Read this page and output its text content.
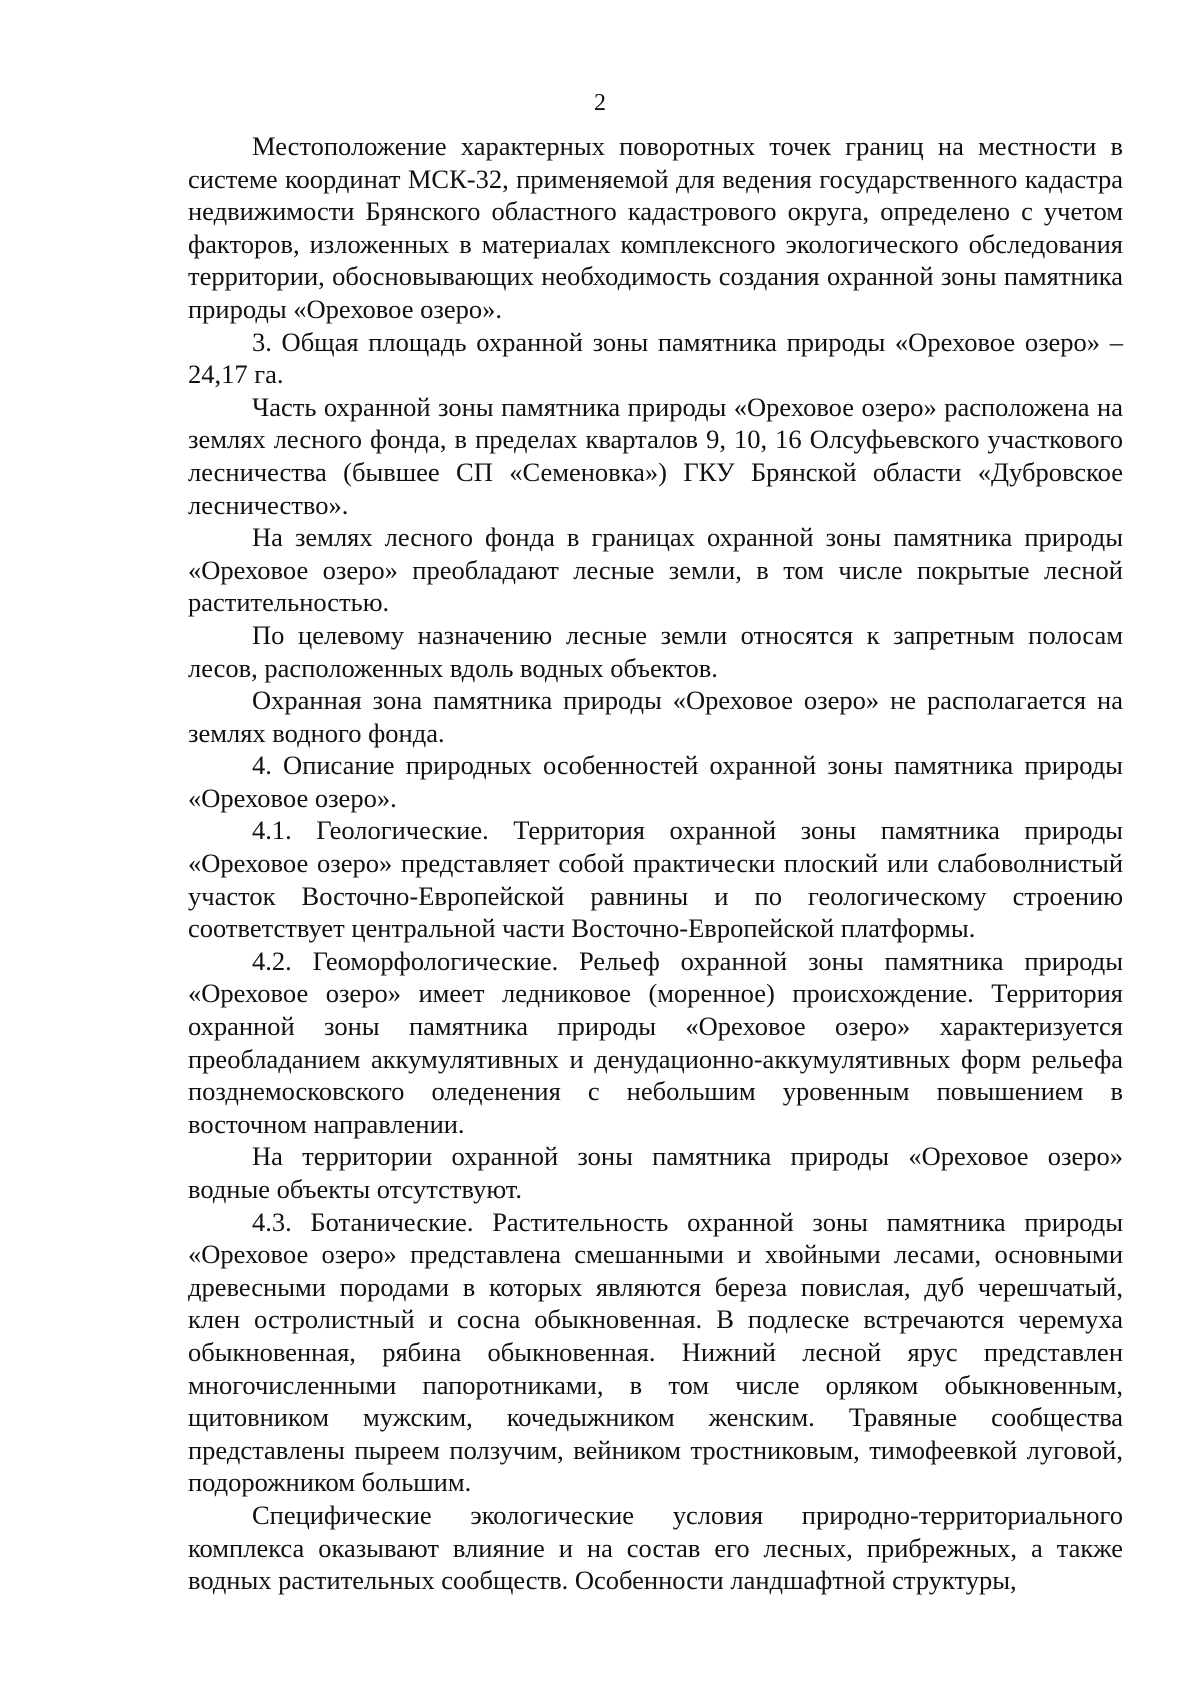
2

Местоположение характерных поворотных точек границ на местности в системе координат МСК-32, применяемой для ведения государственного кадастра недвижимости Брянского областного кадастрового округа, определено с учетом факторов, изложенных в материалах комплексного экологического обследования территории, обосновывающих необходимость создания охранной зоны памятника природы «Ореховое озеро».

3. Общая площадь охранной зоны памятника природы «Ореховое озеро» – 24,17 га.

Часть охранной зоны памятника природы «Ореховое озеро» расположена на землях лесного фонда, в пределах кварталов 9, 10, 16 Олсуфьевского участкового лесничества (бывшее СП «Семеновка») ГКУ Брянской области «Дубровское лесничество».

На землях лесного фонда в границах охранной зоны памятника природы «Ореховое озеро» преобладают лесные земли, в том числе покрытые лесной растительностью.

По целевому назначению лесные земли относятся к запретным полосам лесов, расположенных вдоль водных объектов.

Охранная зона памятника природы «Ореховое озеро» не располагается на землях водного фонда.

4. Описание природных особенностей охранной зоны памятника природы «Ореховое озеро».

4.1. Геологические. Территория охранной зоны памятника природы «Ореховое озеро» представляет собой практически плоский или слабоволнистый участок Восточно-Европейской равнины и по геологическому строению соответствует центральной части Восточно-Европейской платформы.

4.2. Геоморфологические. Рельеф охранной зоны памятника природы «Ореховое озеро» имеет ледниковое (моренное) происхождение. Территория охранной зоны памятника природы «Ореховое озеро» характеризуется преобладанием аккумулятивных и денудационно-аккумулятивных форм рельефа позднемосковского оледенения с небольшим уровенным повышением в восточном направлении.

На территории охранной зоны памятника природы «Ореховое озеро» водные объекты отсутствуют.

4.3. Ботанические. Растительность охранной зоны памятника природы «Ореховое озеро» представлена смешанными и хвойными лесами, основными древесными породами в которых являются береза повислая, дуб черешчатый, клен остролистный и сосна обыкновенная. В подлеске встречаются черемуха обыкновенная, рябина обыкновенная. Нижний лесной ярус представлен многочисленными папоротниками, в том числе орляком обыкновенным, щитовником мужским, кочедыжником женским. Травяные сообщества представлены пыреем ползучим, вейником тростниковым, тимофеевкой луговой, подорожником большим.

Специфические экологические условия природно-территориального комплекса оказывают влияние и на состав его лесных, прибрежных, а также водных растительных сообществ. Особенности ландшафтной структуры,
